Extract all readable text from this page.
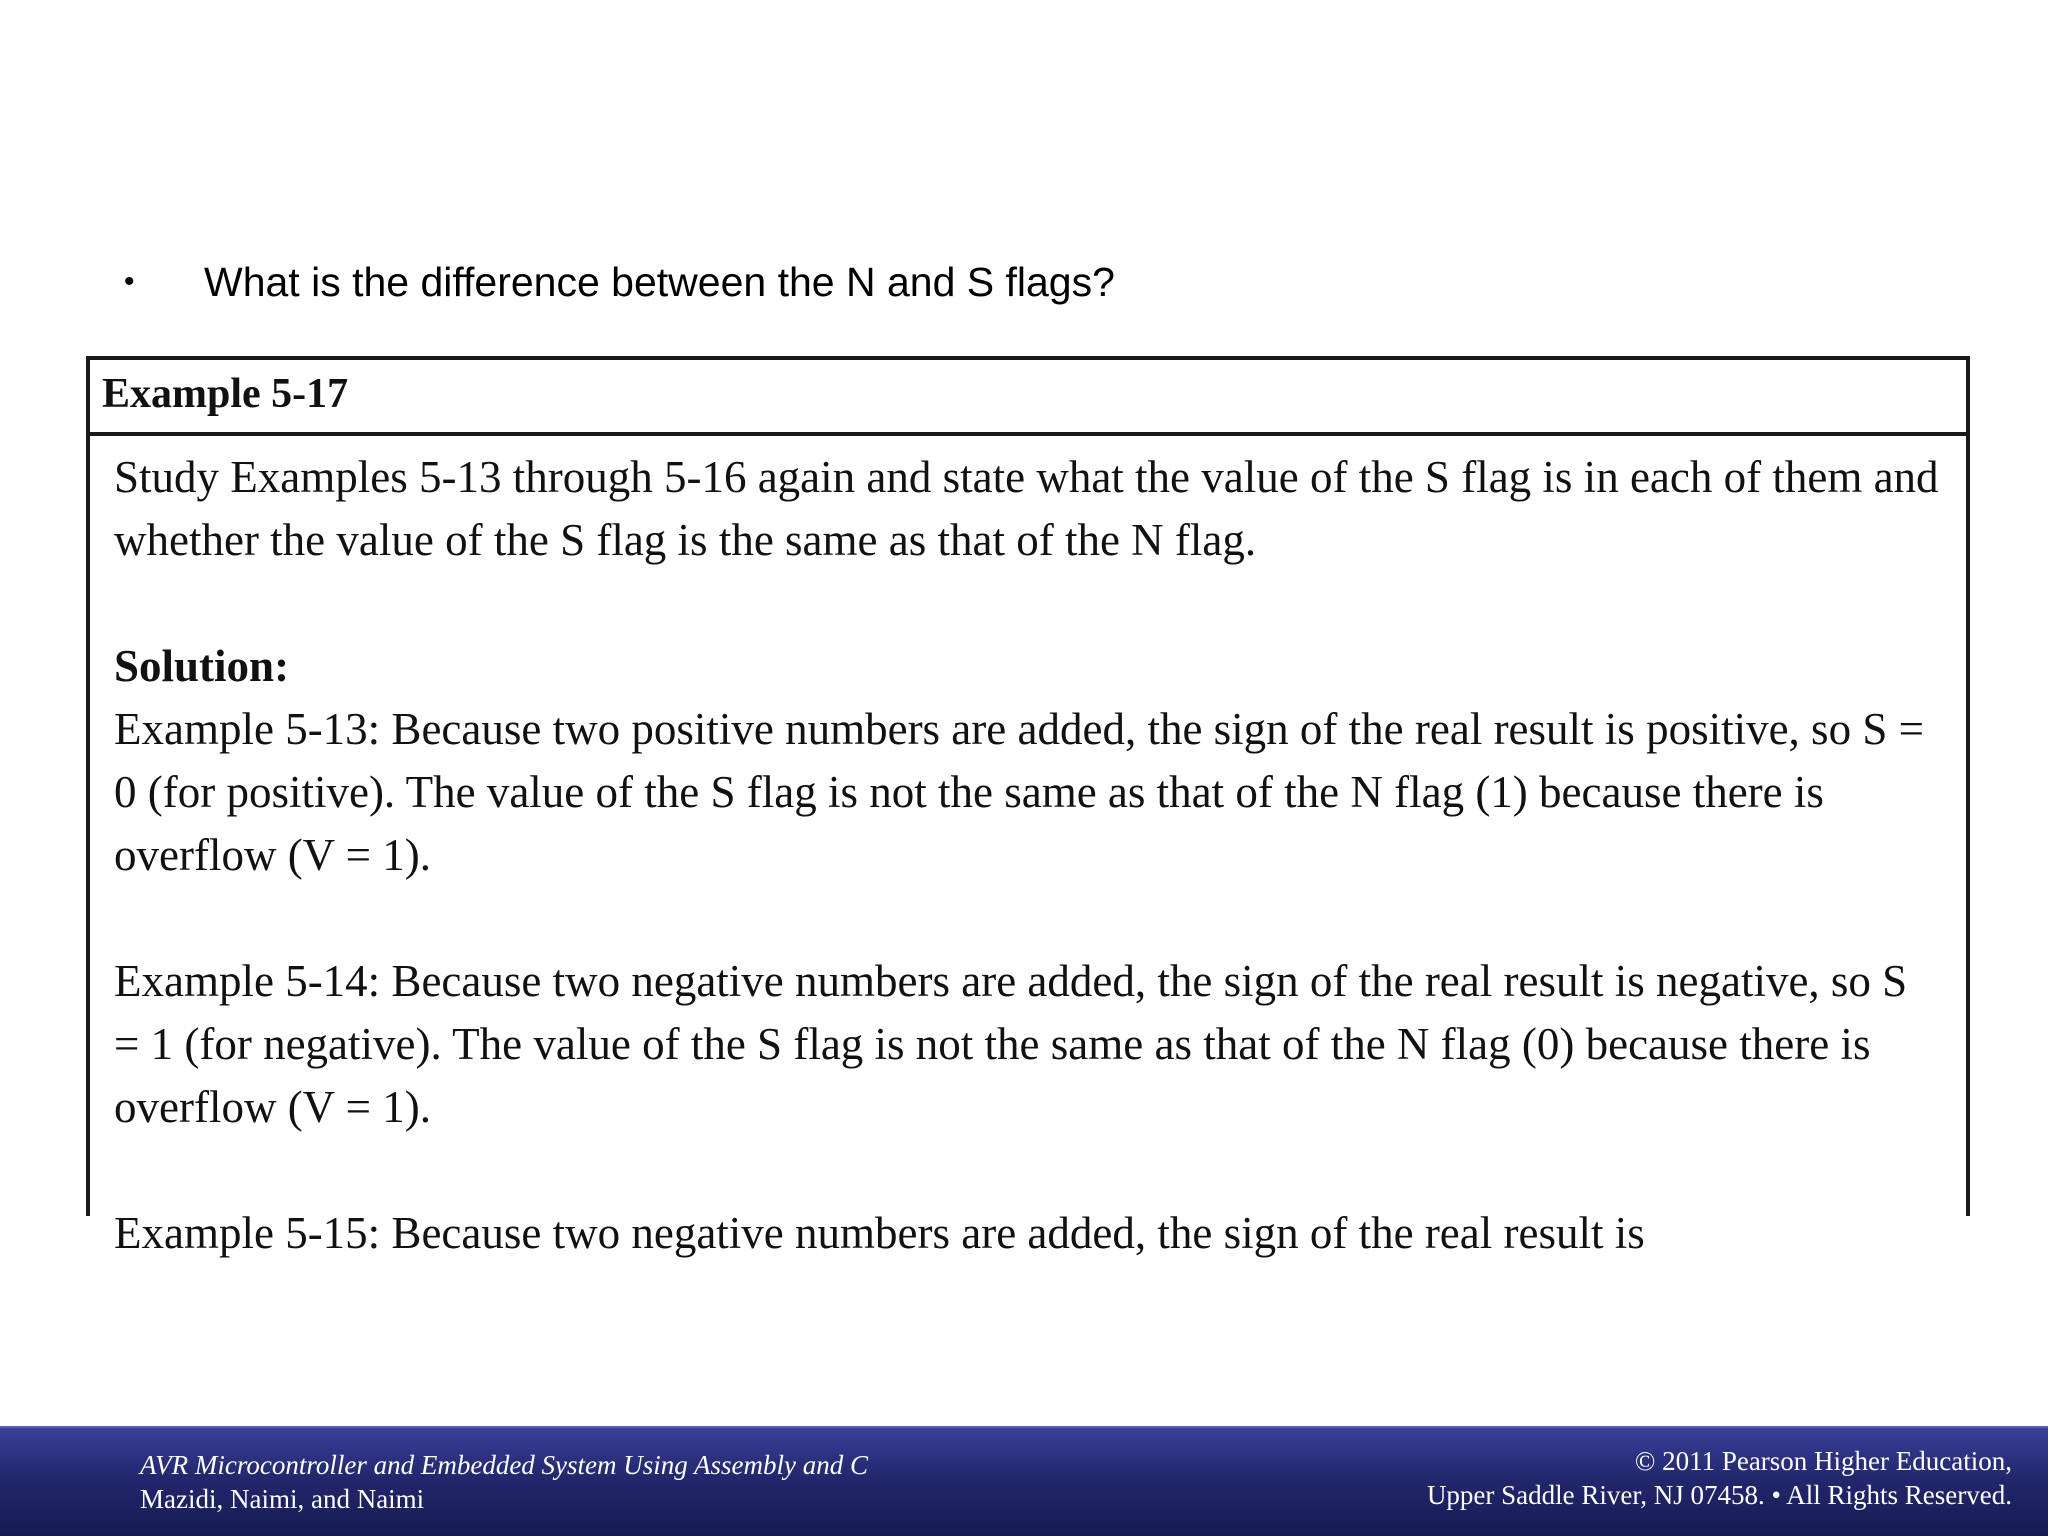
•	What is the difference between the N and S flags?
Example 5-17

Study Examples 5-13 through 5-16 again and state what the value of the S flag is in each of them and whether the value of the S flag is the same as that of the N flag.

Solution:

Example 5-13: Because two positive numbers are added, the sign of the real result is positive, so S = 0 (for positive). The value of the S flag is not the same as that of the N flag (1) because there is overflow (V = 1).

Example 5-14: Because two negative numbers are added, the sign of the real result is negative, so S = 1 (for negative). The value of the S flag is not the same as that of the N flag (0) because there is overflow (V = 1).

Example 5-15: Because two negative numbers are added, the sign of the real result is

AVR Microcontroller and Embedded System Using Assembly and C
Mazidi, Naimi, and Naimi
© 2011 Pearson Higher Education,
Upper Saddle River, NJ 07458. • All Rights Reserved.
